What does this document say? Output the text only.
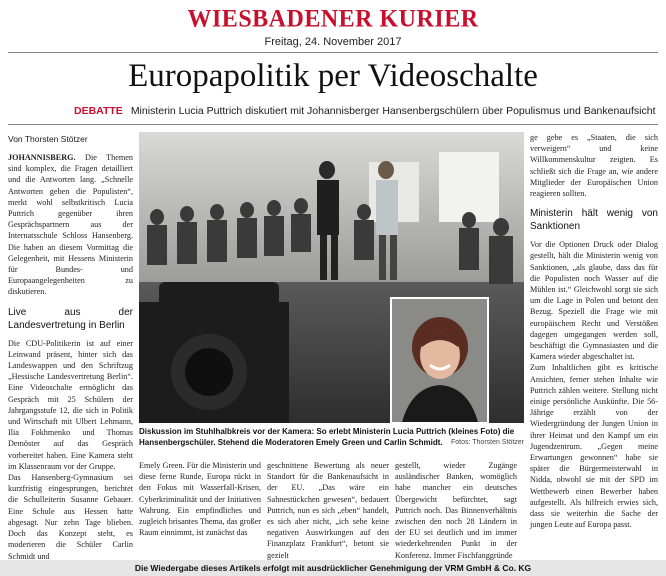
WIESBADENER KURIER
Freitag, 24. November 2017
Europapolitik per Videoschalte
DEBATTE Ministerin Lucia Puttrich diskutiert mit Johannisberger Hansenbergschülern über Populismus und Bankenaufsicht
Von Thorsten Stötzer

JOHANNISBERG. Die Themen sind komplex, die Fragen detailliert und die Antworten lang. „Schnelle Antworten geben die Populisten“, merkt wohl selbstkritisch Lucia Puttrich gegenüber ihren Gesprächspartnern aus der Internatsschule Schloss Hansenberg. Die haben an diesem Vormittag die Gelegenheit, mit Hessens Ministerin für Bundes- und Europaangelegenheiten zu diskutieren.

Live aus der Landesvertretung in Berlin

Die CDU-Politikerin ist auf einer Leinwand präsent, hinter sich das Landeswappen und den Schriftzug „Hessische Landesvertretung Berlin“. Eine Videoschalte ermöglicht das Gespräch mit 25 Schülern der Jahrgangsstufe 12, die sich in Politik und Wirtschaft mit Ulbert Lehmann, Ilia Fokhmenko und Thomas Demöster auf das Gespräch vorbereitet haben. Eine Kamera steht im Klassenraum vor der Gruppe.

Das Hansenberg-Gymnasium sei kurzfristig eingesprungen, berichtet die Schulleiterin Susanne Gebauer. Eine Schule aus Hessen hatte abgesagt. Nur zehn Tage blieben. Doch das Konzept steht, es moderieren die Schüler Carlin Schmidt und

Diskussion im Stuhlhalbkreis vor der Kamera: So erlebt Ministerin Lucia Puttrich (kleines Foto) die Hansenbergschüler. Stehend die Moderatoren Emely Green und Carlin Schmidt. Fotos: Thorsten Stötzer

Emely Green. Für die Ministerin und diese ferne Runde, Europa rückt in den Fokus mit Wasserfall-Krisen, Cyberkriminalität und der Initiativen Wahrung. Ein empfindliches und zugleich brisantes Thema, das großer Raum einnimmt, ist zunächst das

geschnittene Bewertung als neuer Standort für die Bankenaufsicht in der EU. „Das wäre ein Sahnestückchen gewesen“, bedauert Puttrich, nun es sich „eben“ handelt, es sich aber nicht, „ich sehe keine negativen Auswirkungen auf den Finanzplatz Frankfurt“, betont sie gezielt

gestellt, wieder Zugänge ausländischer Banken, womöglich habe mancher ein deutsches Übergewicht befürchtet, sagt Puttrich noch. Das Binnenverhältnis zwischen den noch 28 Ländern in der EU sei deutlich und im immer wiederkehrenden Punkt in der Konferenz. Immer Fischfanggründe

ge gebe es „Staaten, die sich verweigern“ und keine Willkommenskultur zeigten. Es schließt sich die Frage an, wie andere Mitglieder der Europäischen Union reagieren sollten.

Ministerin hält wenig von Sanktionen

Vor die Optionen Druck oder Dialog gestellt, hält die Ministerin wenig von Sanktionen, „als glaube, dass das für die Populisten noch Wasser auf die Mühlen ist.“ Gleichwohl sorgt sie sich um die Lage in Polen und betont den Bezug. Speziell die Frage wie mit europäischem Recht und Verstößen dagegen umgegangen werden soll, beschäftigt die Gymnasiasten und die Kamera wieder abgeschaltet ist.

Zum Inhaltlichen gibt es kritische Ansichten, ferner stehen Inhalte wie Puttrich zählen weitere. Stellung nicht einige persönliche Auskünfte. Die 56-Jährige erzählt von der Wiedergründung der Jungen Union in ihrer Heimat und den Kampf um ein Jugendzentrum. „Gegen meine Erwartungen gewonnen“ habe sie später die Bürgermeisterwahl in Nidda, obwohl sie mit der SPD im Wettbewerb einen Bewerber haben aufgestellt. Als hilfreich erwies sich, dass sie weiterhin die Sache der jungen Leute auf Europa passt.

Die Wiedergabe dieses Artikels erfolgt mit ausdrücklicher Genehmigung der VRM GmbH & Co. KG
